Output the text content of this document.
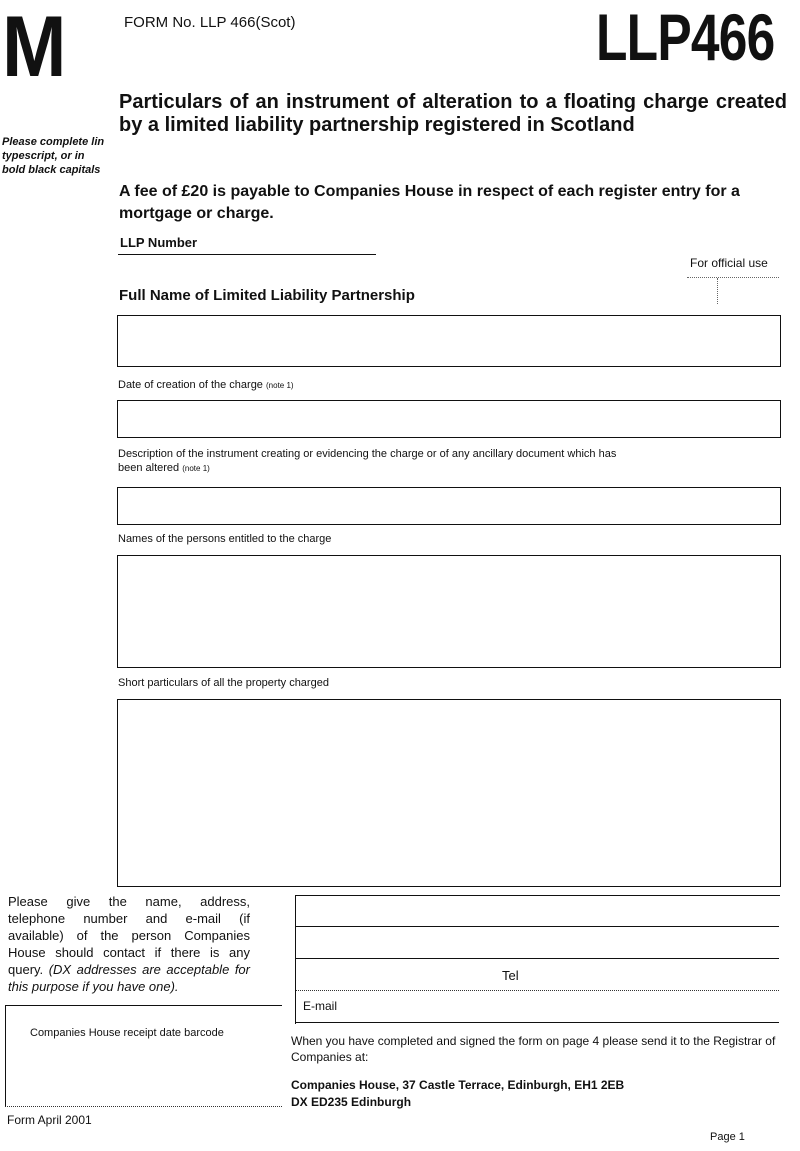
M	FORM No. LLP 466(Scot)	LLP466
Particulars of an instrument of alteration to a floating charge created by a limited liability partnership registered in Scotland
Please complete lin typescript, or in bold black capitals
A fee of £20 is payable to Companies House in respect of each register entry for a mortgage or charge.
LLP Number
For official use
Full Name of Limited Liability Partnership
Date of creation of the charge (note 1)
Description of the instrument creating or evidencing the charge or of any ancillary document which has
been altered (note 1)
Names of the persons entitled to the charge
Short particulars of all the property charged
Please give the name, address, telephone number and e-mail (if available) of the person Companies House should contact if there is any query. (DX addresses are acceptable for this purpose if you have one).
Tel
E-mail
Companies House receipt date barcode
When you have completed and signed the form on page 4 please send it to the Registrar of Companies at:
Companies House, 37 Castle Terrace, Edinburgh, EH1 2EB
DX ED235 Edinburgh
Form April 2001
Page 1
